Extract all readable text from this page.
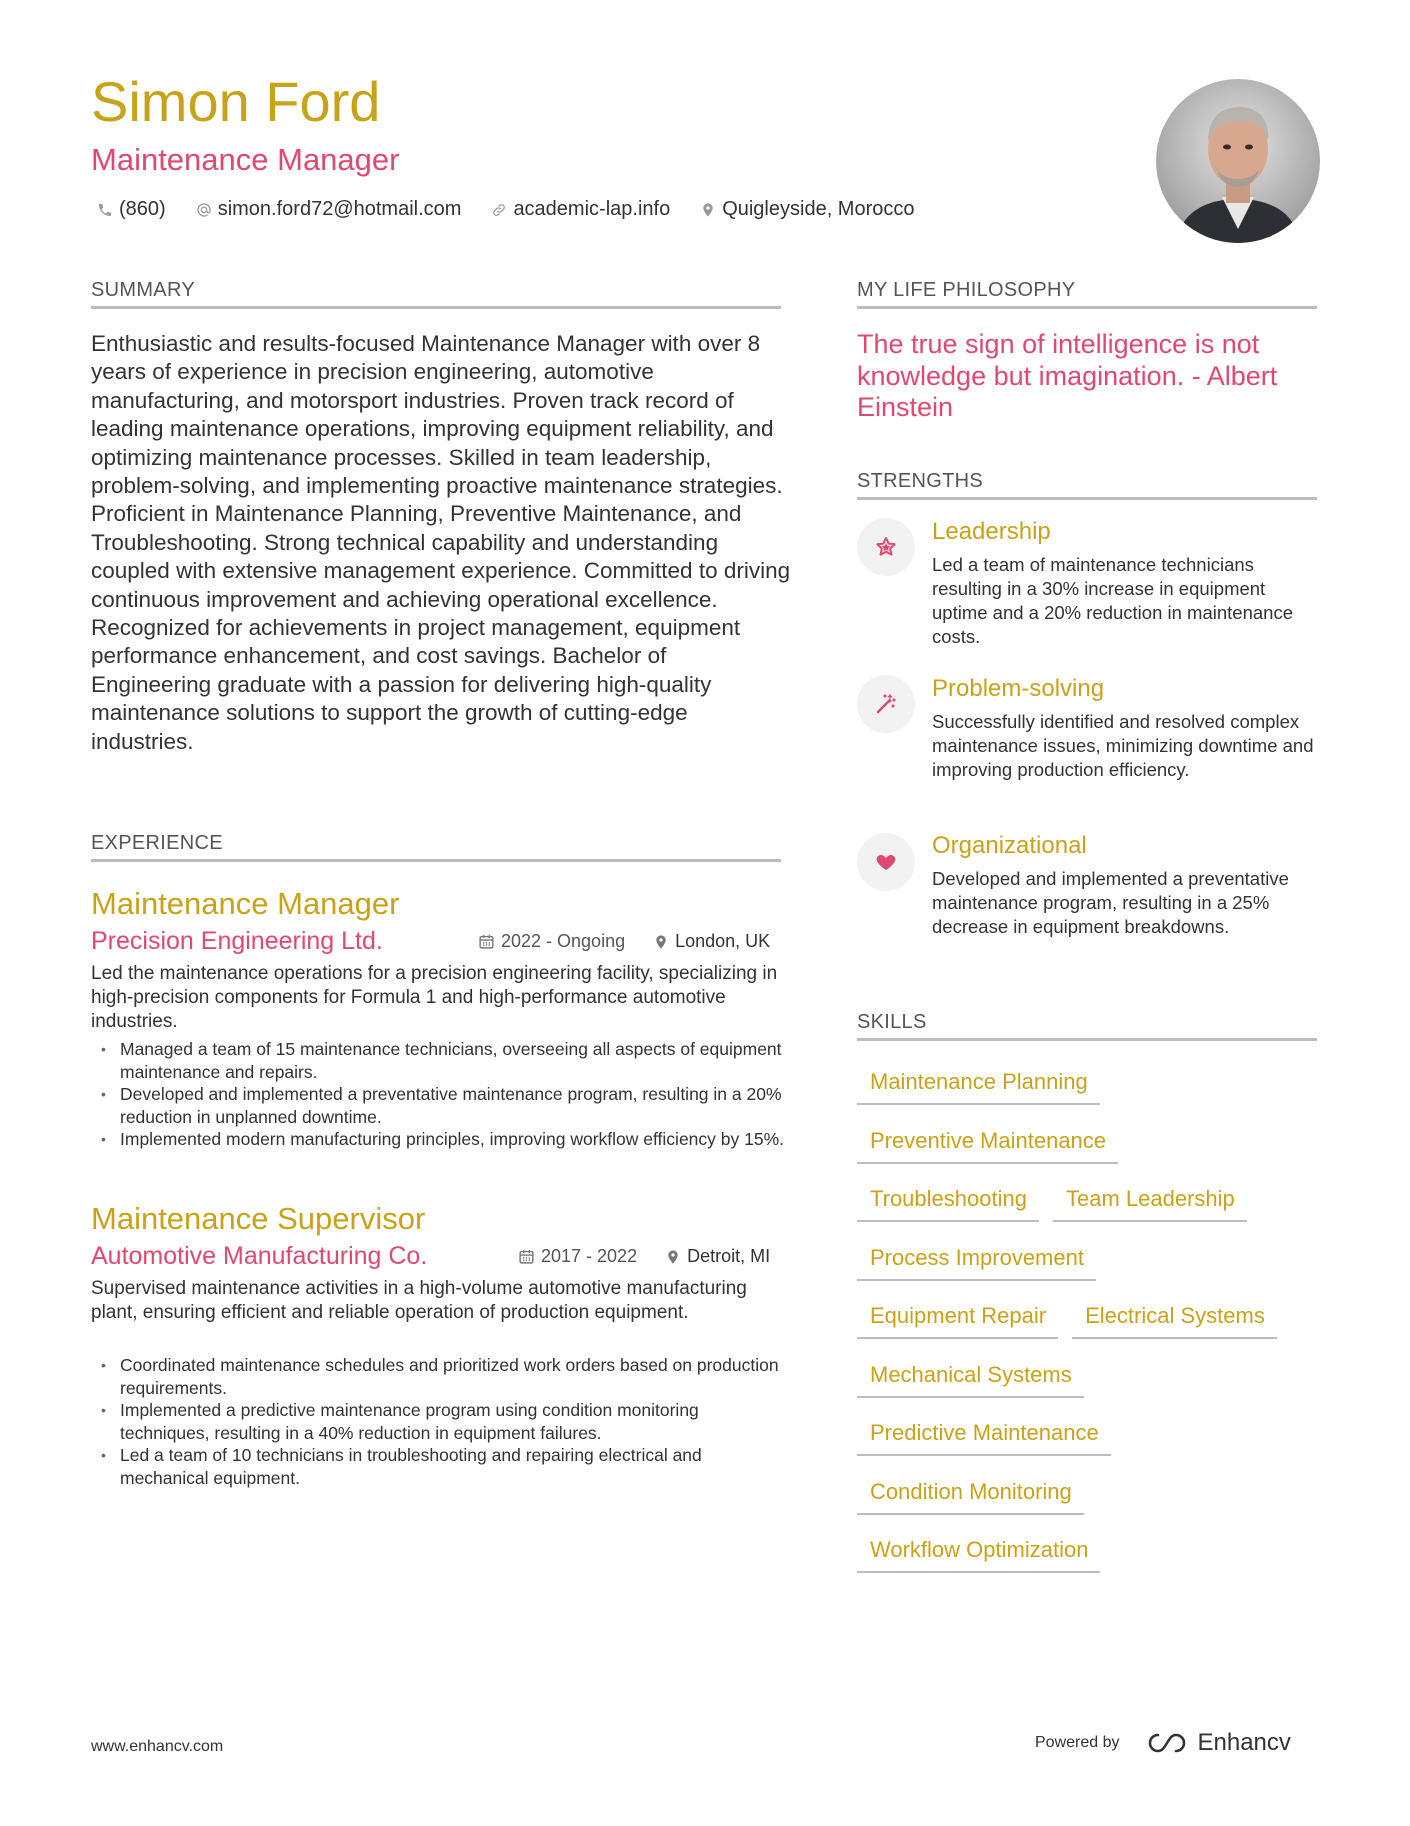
Simon Ford
Maintenance Manager
(860)	simon.ford72@hotmail.com	academic-lap.info	Quigleyside, Morocco
SUMMARY

Enthusiastic and results-focused Maintenance Manager with over 8 years of experience in precision engineering, automotive manufacturing, and motorsport industries. Proven track record of leading maintenance operations, improving equipment reliability, and optimizing maintenance processes. Skilled in team leadership, problem-solving, and implementing proactive maintenance strategies. Proficient in Maintenance Planning, Preventive Maintenance, and Troubleshooting. Strong technical capability and understanding coupled with extensive management experience. Committed to driving continuous improvement and achieving operational excellence. Recognized for achievements in project management, equipment performance enhancement, and cost savings. Bachelor of Engineering graduate with a passion for delivering high-quality maintenance solutions to support the growth of cutting-edge industries.

EXPERIENCE
Maintenance Manager
Precision Engineering Ltd.	2022 - Ongoing	London, UK

Led the maintenance operations for a precision engineering facility, specializing in high-precision components for Formula 1 and high-performance automotive industries.

• Managed a team of 15 maintenance technicians, overseeing all aspects of equipment maintenance and repairs.
• Developed and implemented a preventative maintenance program, resulting in a 20% reduction in unplanned downtime.
• Implemented modern manufacturing principles, improving workflow efficiency by 15%.
Maintenance Supervisor
Automotive Manufacturing Co.	2017 - 2022	Detroit, MI

Supervised maintenance activities in a high-volume automotive manufacturing plant, ensuring efficient and reliable operation of production equipment.

• Coordinated maintenance schedules and prioritized work orders based on production requirements.
• Implemented a predictive maintenance program using condition monitoring techniques, resulting in a 40% reduction in equipment failures.
• Led a team of 10 technicians in troubleshooting and repairing electrical and mechanical equipment.
MY LIFE PHILOSOPHY

The true sign of intelligence is not knowledge but imagination. - Albert Einstein

STRENGTHS
Leadership

Led a team of maintenance technicians resulting in a 30% increase in equipment uptime and a 20% reduction in maintenance costs.

Problem-solving

Successfully identified and resolved complex maintenance issues, minimizing downtime and improving production efficiency.

Organizational

Developed and implemented a preventative maintenance program, resulting in a 25% decrease in equipment breakdowns.

SKILLS
Maintenance Planning
Preventive Maintenance
Troubleshooting	Team Leadership
Process Improvement
Equipment Repair	Electrical Systems
Mechanical Systems
Predictive Maintenance
Condition Monitoring
Workflow Optimization
www.enhancv.com	Powered by	Enhancv
